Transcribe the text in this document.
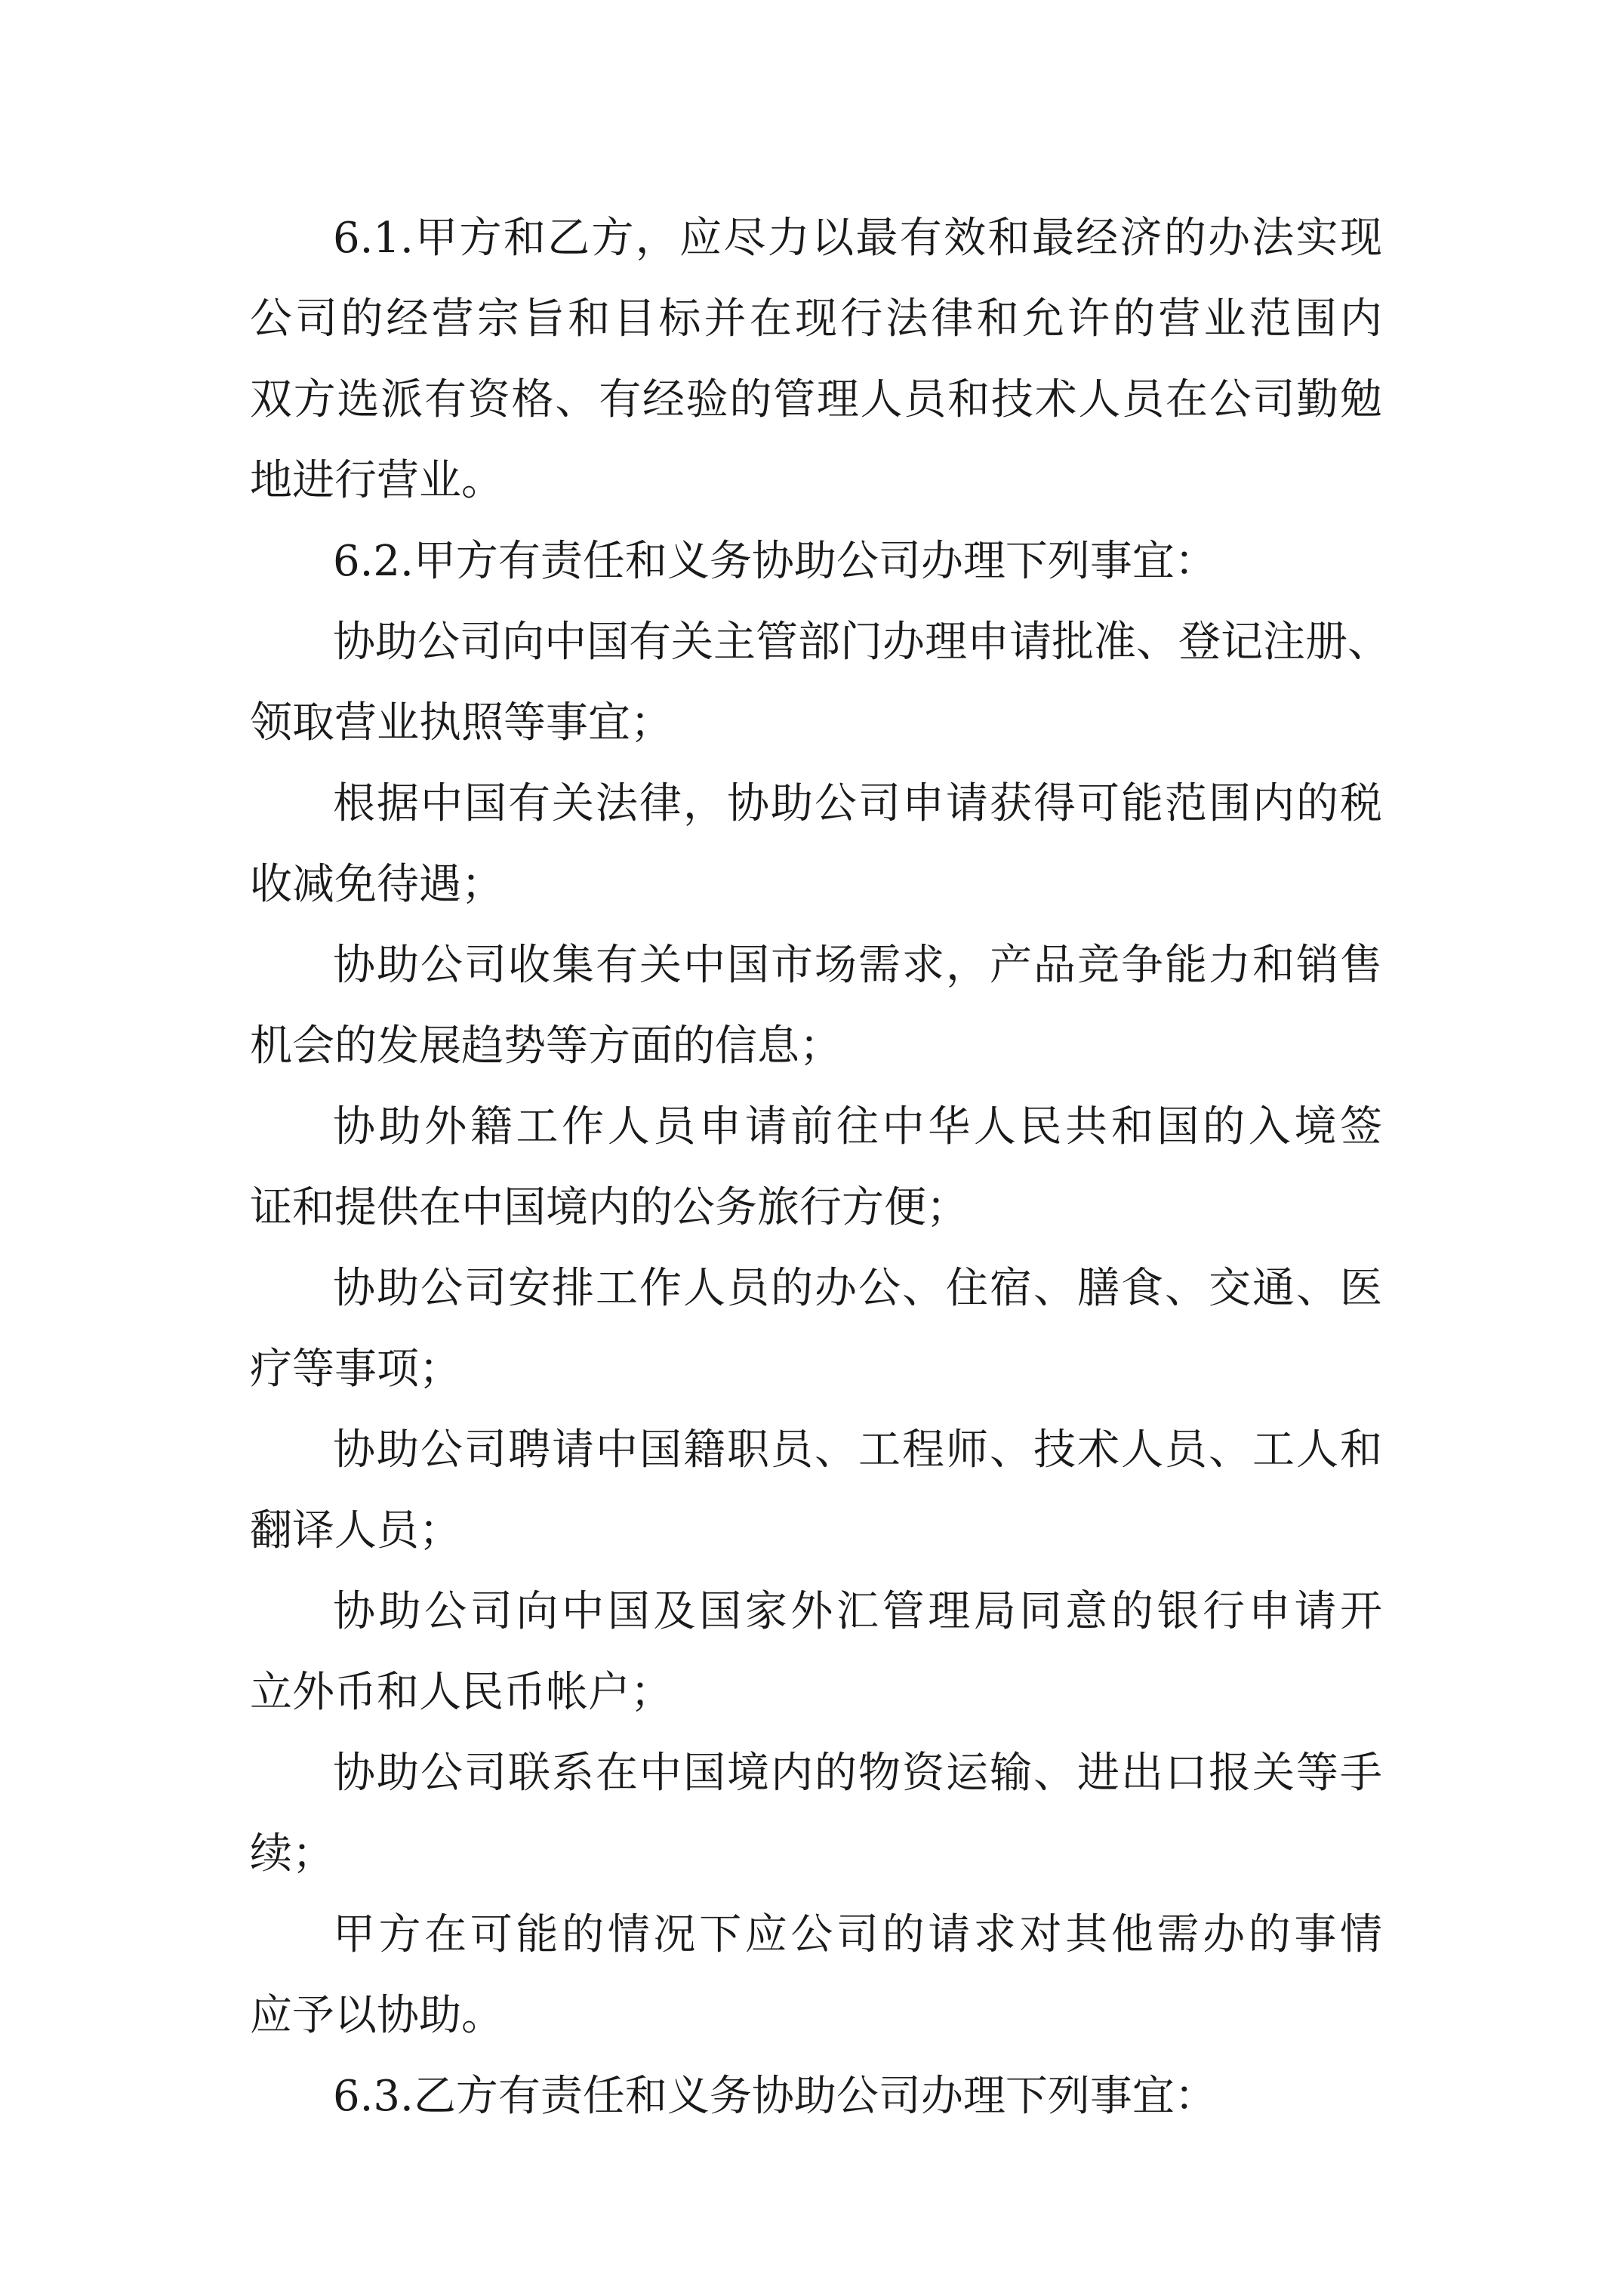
6.1.甲方和乙方，应尽力以最有效和最经济的办法实现
公司的经营宗旨和目标并在现行法律和允许的营业范围内
双方选派有资格、有经验的管理人员和技术人员在公司勤勉
地进行营业。
6.2.甲方有责任和义务协助公司办理下列事宜：
协助公司向中国有关主管部门办理申请批准、登记注册、
领取营业执照等事宜；
根据中国有关法律，协助公司申请获得可能范围内的税
收减免待遇；
协助公司收集有关中国市场需求，产品竞争能力和销售
机会的发展趋势等方面的信息；
协助外籍工作人员申请前往中华人民共和国的入境签
证和提供在中国境内的公务旅行方便；
协助公司安排工作人员的办公、住宿、膳食、交通、医
疗等事项；
协助公司聘请中国籍职员、工程师、技术人员、工人和
翻译人员；
协助公司向中国及国家外汇管理局同意的银行申请开
立外币和人民币帐户；
协助公司联系在中国境内的物资运输、进出口报关等手
续；
甲方在可能的情况下应公司的请求对其他需办的事情
应予以协助。
6.3.乙方有责任和义务协助公司办理下列事宜：
